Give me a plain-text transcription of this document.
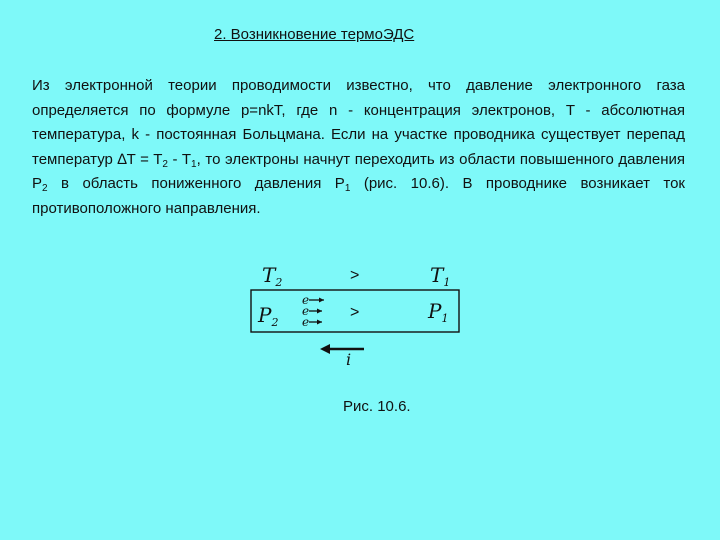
2. Возникновение термоЭДС
Из электронной теории проводимости известно, что давление электронного газа определяется по формуле p=nkT, где n - концентрация электронов, T - абсолютная температура, k - постоянная Больцмана. Если на участке проводника существует перепад температур $\Delta T = T_2 - T_1$, то электроны начнут переходить из области повышенного давления $P_2$ в область пониженного давления $P_1$ (рис. 10.6). В проводнике возникает ток противоположного направления.
$T_2$	>	$T_1$
$P_2$
>	$P_1$
e
e
e
i
Рис. 10.6.
